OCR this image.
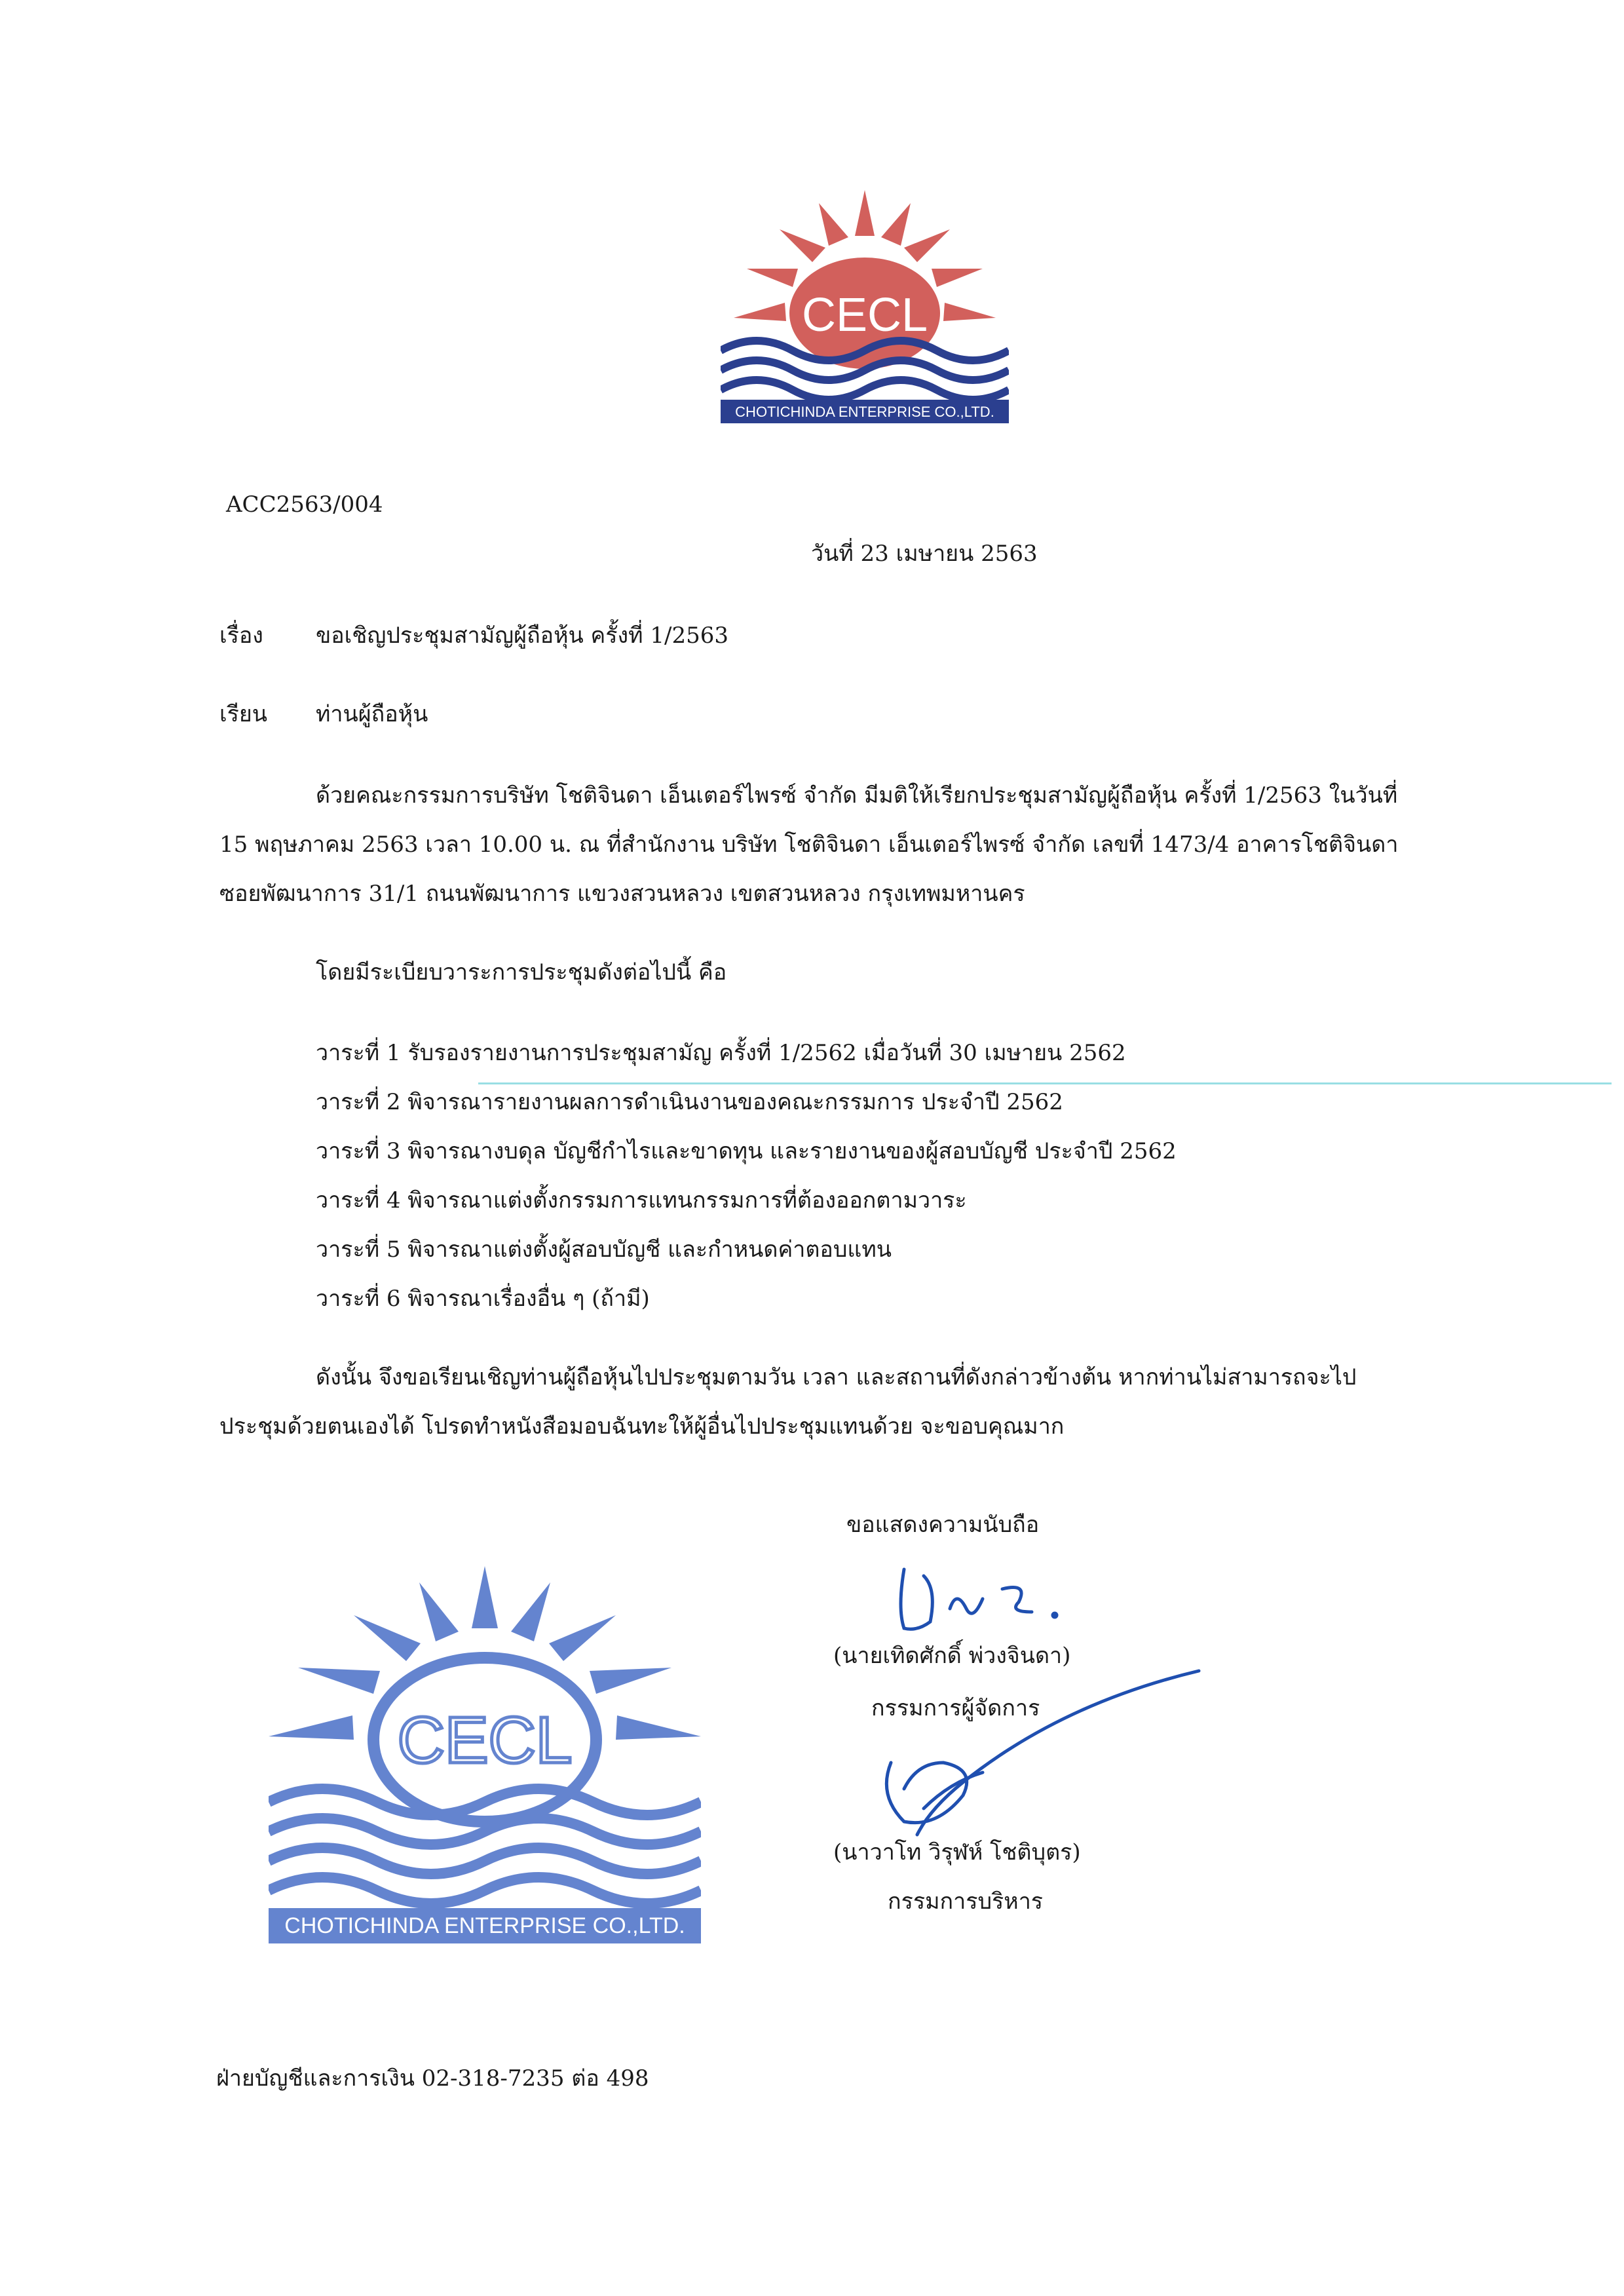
CECL
CHOTICHINDA ENTERPRISE CO.,LTD.
ACC2563/004
วันที่ 23 เมษายน 2563
เรื่อง ขอเชิญประชุมสามัญผู้ถือหุ้น ครั้งที่ 1/2563
เรียน ท่านผู้ถือหุ้น
ด้วยคณะกรรมการบริษัท โชติจินดา เอ็นเตอร์ไพรซ์ จำกัด มีมติให้เรียกประชุมสามัญผู้ถือหุ้น ครั้งที่ 1/2563 ในวันที่
15 พฤษภาคม 2563 เวลา 10.00 น. ณ ที่สำนักงาน บริษัท โชติจินดา เอ็นเตอร์ไพรซ์ จำกัด เลขที่ 1473/4 อาคารโชติจินดา
ซอยพัฒนาการ 31/1 ถนนพัฒนาการ แขวงสวนหลวง เขตสวนหลวง กรุงเทพมหานคร
โดยมีระเบียบวาระการประชุมดังต่อไปนี้ คือ
วาระที่ 1 รับรองรายงานการประชุมสามัญ ครั้งที่ 1/2562 เมื่อวันที่ 30 เมษายน 2562
วาระที่ 2 พิจารณารายงานผลการดำเนินงานของคณะกรรมการ ประจำปี 2562
วาระที่ 3 พิจารณางบดุล บัญชีกำไรและขาดทุน และรายงานของผู้สอบบัญชี ประจำปี 2562
วาระที่ 4 พิจารณาแต่งตั้งกรรมการแทนกรรมการที่ต้องออกตามวาระ
วาระที่ 5 พิจารณาแต่งตั้งผู้สอบบัญชี และกำหนดค่าตอบแทน
วาระที่ 6 พิจารณาเรื่องอื่น ๆ (ถ้ามี)
ดังนั้น จึงขอเรียนเชิญท่านผู้ถือหุ้นไปประชุมตามวัน เวลา และสถานที่ดังกล่าวข้างต้น หากท่านไม่สามารถจะไป
ประชุมด้วยตนเองได้ โปรดทำหนังสือมอบฉันทะให้ผู้อื่นไปประชุมแทนด้วย จะขอบคุณมาก
CECL
CHOTICHINDA ENTERPRISE CO.,LTD.
ขอแสดงความนับถือ
(นายเทิดศักดิ์ พ่วงจินดา)
กรรมการผู้จัดการ
(นาวาโท วิรุฬห์ โชติบุตร)
กรรมการบริหาร
ฝ่ายบัญชีและการเงิน 02-318-7235 ต่อ 498
